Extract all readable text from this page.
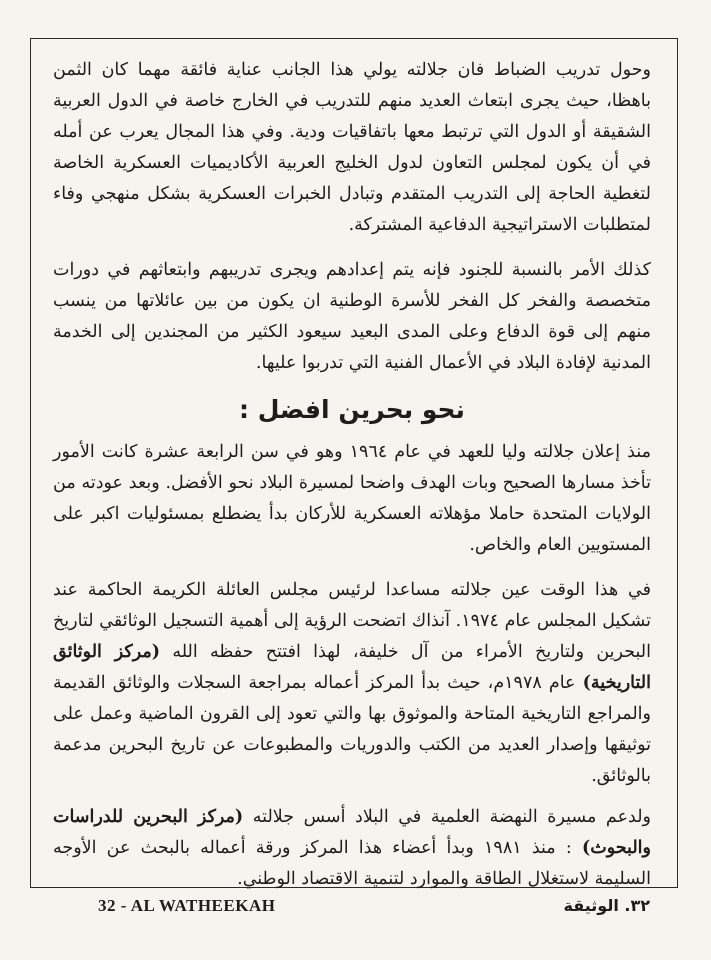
وحول تدريب الضباط فان جلالته يولي هذا الجانب عناية فائقة مهما كان الثمن باهظا، حيث يجرى ابتعاث العديد منهم للتدريب في الخارج خاصة في الدول العربية الشقيقة أو الدول التي ترتبط معها باتفاقيات ودية. وفي هذا المجال يعرب عن أمله في أن يكون لمجلس التعاون لدول الخليج العربية الأكاديميات العسكرية الخاصة لتغطية الحاجة إلى التدريب المتقدم وتبادل الخبرات العسكرية بشكل منهجي وفاء لمتطلبات الاستراتيجية الدفاعية المشتركة.

كذلك الأمر بالنسبة للجنود فإنه يتم إعدادهم ويجرى تدريبهم وابتعاثهم في دورات متخصصة والفخر كل الفخر للأسرة الوطنية ان يكون من بين عائلاتها من ينسب منهم إلى قوة الدفاع وعلى المدى البعيد سيعود الكثير من المجندين إلى الخدمة المدنية لإفادة البلاد في الأعمال الفنية التي تدربوا عليها.

نحو بحرين افضل :

منذ إعلان جلالته وليا للعهد في عام ١٩٦٤ وهو في سن الرابعة عشرة كانت الأمور تأخذ مسارها الصحيح وبات الهدف واضحا لمسيرة البلاد نحو الأفضل. وبعد عودته من الولايات المتحدة حاملا مؤهلاته العسكرية للأركان بدأ يضطلع بمسئوليات اكبر على المستويين العام والخاص.

في هذا الوقت عين جلالته مساعدا لرئيس مجلس العائلة الكريمة الحاكمة عند تشكيل المجلس عام ١٩٧٤. آنذاك اتضحت الرؤية إلى أهمية التسجيل الوثائقي لتاريخ البحرين ولتاريخ الأمراء من آل خليفة، لهذا افتتح حفظه الله (مركز الوثائق التاريخية) عام ١٩٧٨م، حيث بدأ المركز أعماله بمراجعة السجلات والوثائق القديمة والمراجع التاريخية المتاحة والموثوق بها والتي تعود إلى القرون الماضية وعمل على توثيقها وإصدار العديد من الكتب والدوريات والمطبوعات عن تاريخ البحرين مدعمة بالوثائق.

ولدعم مسيرة النهضة العلمية في البلاد أسس جلالته (مركز البحرين للدراسات والبحوث) : منذ ١٩٨١ وبدأ أعضاء هذا المركز ورقة أعماله بالبحث عن الأوجه السليمة لاستغلال الطاقة والموارد لتنمية الاقتصاد الوطني.

32 - AL WATHEEKAH	٣٢. الوثيقة
